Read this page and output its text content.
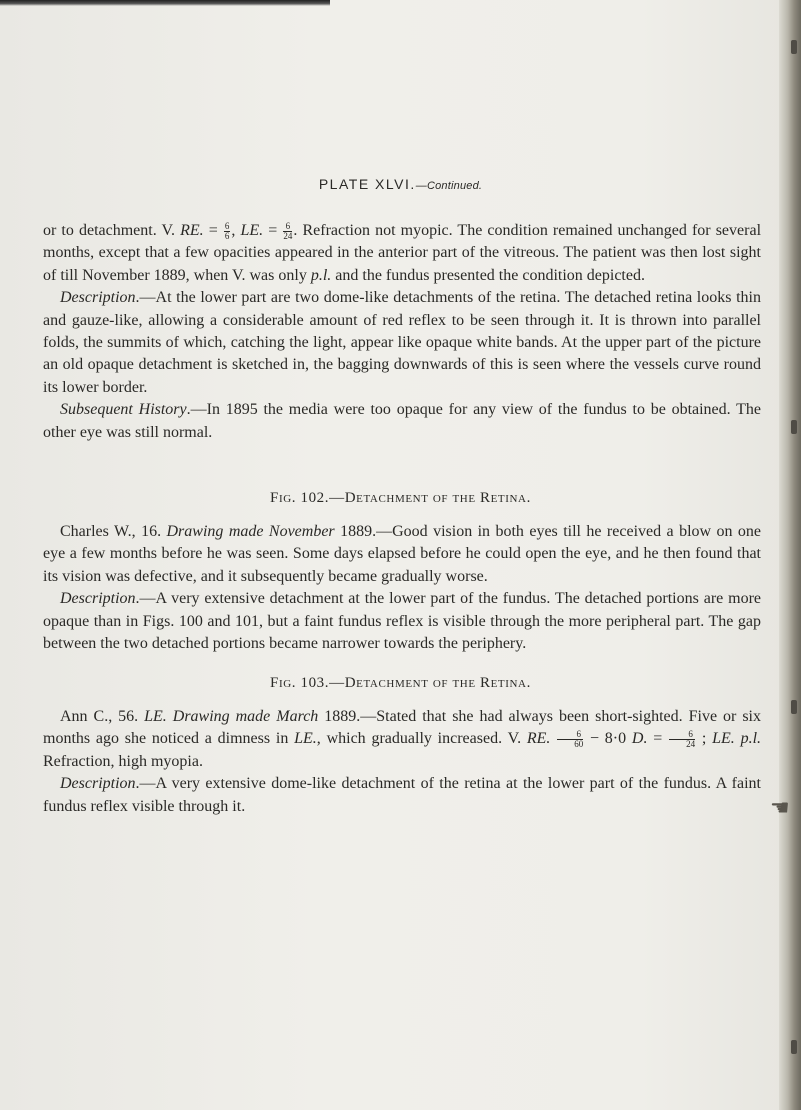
PLATE XLVI.—Continued.

or to detachment. V. RE. = $\frac{6}{6}$ , LE. = $\frac{6}{24}$ . Refraction not myopic. The condition remained unchanged for several months, except that a few opacities appeared in the anterior part of the vitreous. The patient was then lost sight of till November 1889, when V. was only p.l. and the fundus presented the condition depicted.

Description.—At the lower part are two dome-like detachments of the retina. The detached retina looks thin and gauze-like, allowing a considerable amount of red reflex to be seen through it. It is thrown into parallel folds, the summits of which, catching the light, appear like opaque white bands. At the upper part of the picture an old opaque detachment is sketched in, the bagging downwards of this is seen where the vessels curve round its lower border.

Subsequent History.—In 1895 the media were too opaque for any view of the fundus to be obtained. The other eye was still normal.

Fig. 102.—Detachment of the Retina.

Charles W., 16. Drawing made November 1889.—Good vision in both eyes till he received a blow on one eye a few months before he was seen. Some days elapsed before he could open the eye, and he then found that its vision was defective, and it subsequently became gradually worse.

Description.—A very extensive detachment at the lower part of the fundus. The detached portions are more opaque than in Figs. 100 and 101, but a faint fundus reflex is visible through the more peripheral part. The gap between the two detached portions became narrower towards the periphery.

Fig. 103.—Detachment of the Retina.

Ann C., 56. LE. Drawing made March 1889.—Stated that she had always been short-sighted. Five or six months ago she noticed a dimness in LE., which gradually increased. V. RE. $\frac{6}{60} - 8\cdot 0$ D. = $\frac{6}{24}$ ; LE. p.l. Refraction, high myopia.

Description.—A very extensive dome-like detachment of the retina at the lower part of the fundus. A faint fundus reflex visible through it.	☚
